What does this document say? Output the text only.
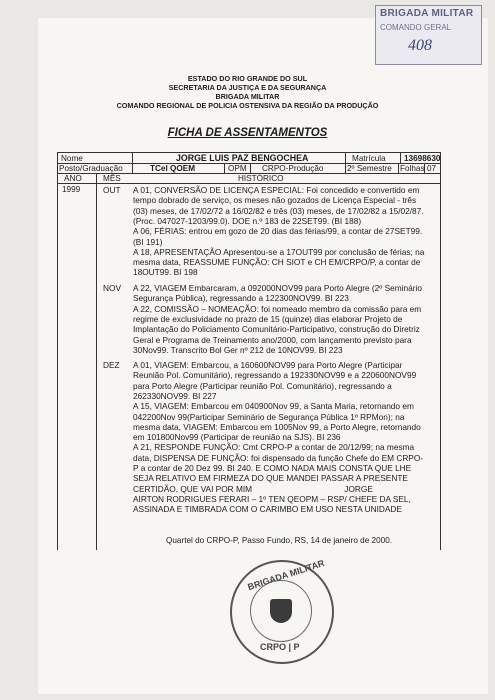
BRIGADA MILITAR
COMANDO GERAL
408
ESTADO DO RIO GRANDE DO SUL
SECRETARIA DA JUSTIÇA E DA SEGURANÇA
BRIGADA MILITAR
COMANDO REGIONAL DE POLICIA OSTENSIVA DA REGIÃO DA PRODUÇÃO
FICHA DE ASSENTAMENTOS
Nome	JORGE LUIS PAZ BENGOCHEA	Matrícula 13698630
Posto/Graduação	TCel QOEM	OPM CRPO-Produção	2º Semestre Folhas 07
ANO	MÊS	HISTÓRICO
1999	OUT A 01, CONVERSÃO DE LICENÇA ESPECIAL: Foi concedido e convertido em
tempo dobrado de serviço, os meses não gozados de Licença Especial - três
(03) meses, de 17/02/72 a 16/02/82 e três (03) meses, de 17/02/82 a 15/02/87.
(Proc. 047027-1203/99.0). DOE n.º 183 de 22SET99. (BI 188)
A 06, FÉRIAS: entrou em gozo de 20 dias das férias/99, a contar de 27SET99.
(BI 191)
A 18, APRESENTAÇÃO Apresentou-se a 17OUT99 por conclusão de férias; na
mesma data, REASSUME FUNÇÃO: CH SIOT e CH EM/CRPO/P, a contar de
18OUT99. BI 198
NOV A 22, VIAGEM Embarcaram, a 092000NOV99 para Porto Alegre (2º Seminário
Segurança Pública), regressando a 122300NOV99. BI 223
A 22, COMISSÃO – NOMEAÇÃO: foi nomeado membro da comissão para em
regime de exclusividade no prazo de 15 (quinze) dias elaborar Projeto de
Implantação do Policiamento Comunitário-Participativo, construção do Diretriz
Geral e Programa de Treinamento ano/2000, com lançamento previsto para
30Nov99. Transcrito Bol Ger nº 212 de 10NOV99. BI 223
DEZ A 01, VIAGEM: Embarcou, a 160600NOV99 para Porto Alegre (Participar
Reunião Pol. Comunitário), regressando a 192330NOV99 e a 220600NOV99
para Porto Alegre (Participar reunião Pol. Comunitário), regressando a
262330NOV99. BI 227
A 15, VIAGEM: Embarcou em 040900Nov 99, a Santa Maria, retornando em
042200Nov 99(Participar Seminário de Segurança Pública 1º RPMon); na
mesma data, VIAGEM: Embarcou em 1005Nov 99, a Porto Alegre, retornando
em 101800Nov99 (Participar de reunião na SJS). BI 236
A 21, RESPONDE FUNÇÃO: Cmt CRPO-P a contar de 20/12/99; na mesma
data, DISPENSA DE FUNÇÃO: foi dispensado da função Chefe do EM CRPO-
P a contar de 20 Dez 99. BI 240. E COMO NADA MAIS CONSTA QUE LHE
SEJA RELATIVO EM FIRMEZA DO QUE MANDEI PASSAR A PRESENTE
CERTIDÃO, QUE VAI POR MIM                                        JORGE
AIRTON RODRIGUES FERARI – 1º TEN QEOPM – RSP/ CHEFE DA SEL,
ASSINADA E TIMBRADA COM O CARIMBO EM USO NESTA UNIDADE
Quartel do CRPO-P, Passo Fundo, RS, 14 de janeiro de 2000.
BRIGADA MILITAR
CRPO | P
